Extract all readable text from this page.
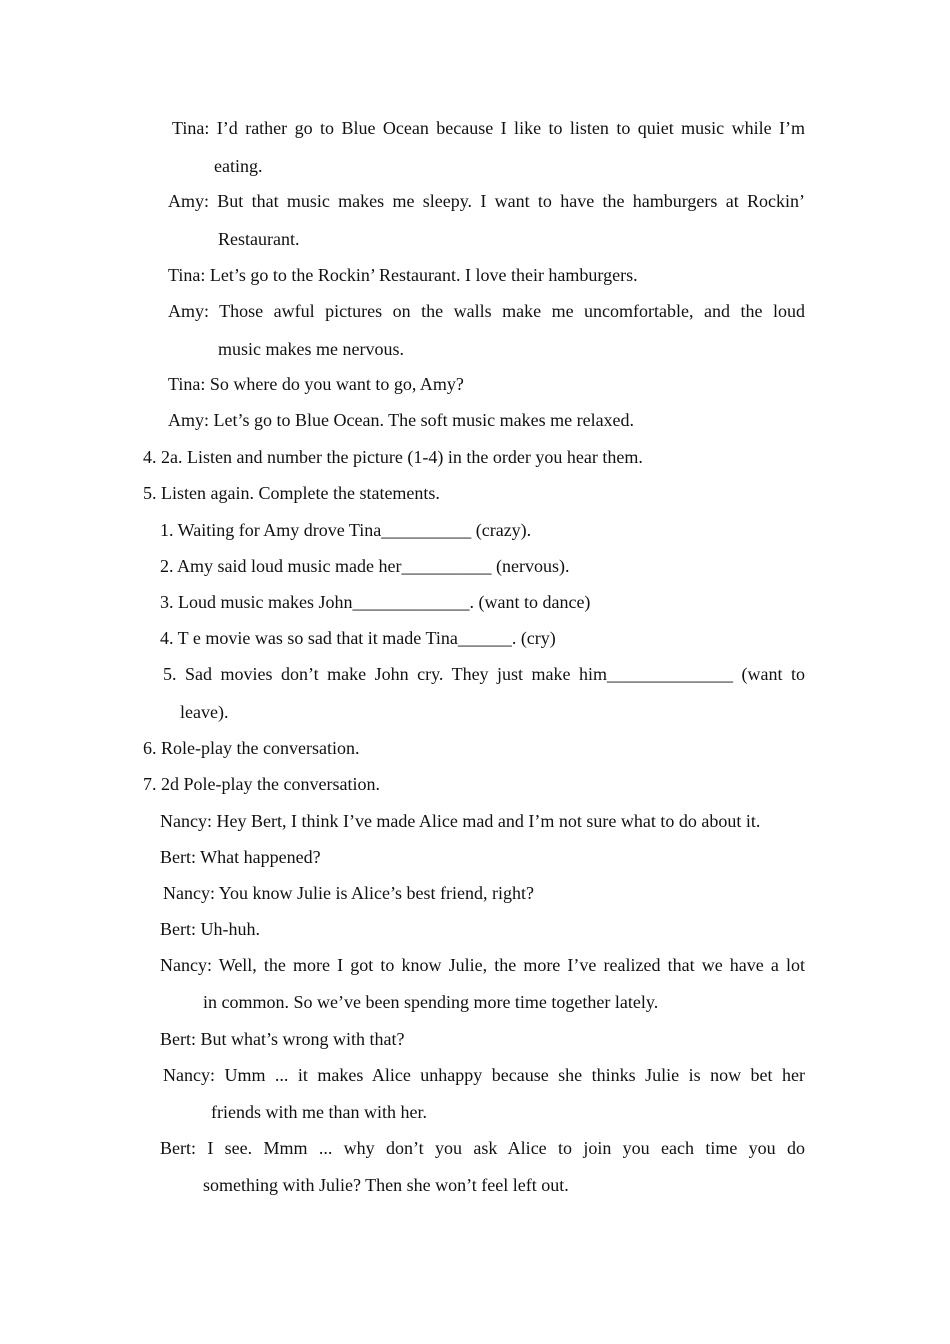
Tina: I’d rather go to Blue Ocean because I like to listen to quiet music while I’m

eating.

Amy: But that music makes me sleepy. I want to have the hamburgers at Rockin’

Restaurant.

Tina: Let’s go to the Rockin’ Restaurant. I love their hamburgers.

Amy: Those awful pictures on the walls make me uncomfortable, and the loud

music makes me nervous.

Tina: So where do you want to go, Amy?

Amy: Let’s go to Blue Ocean. The soft music makes me relaxed.

4. 2a. Listen and number the picture (1-4) in the order you hear them.

5. Listen again. Complete the statements.

1. Waiting for Amy drove Tina__________ (crazy).

2. Amy said loud music made her__________ (nervous).

3. Loud music makes John_____________. (want to dance)

4. T e movie was so sad that it made Tina______. (cry)

5. Sad movies don’t make John cry. They just make him______________ (want to

leave).

6. Role-play the conversation.

7. 2d Pole-play the conversation.

Nancy: Hey Bert, I think I’ve made Alice mad and I’m not sure what to do about it.

Bert: What happened?

Nancy: You know Julie is Alice’s best friend, right?

Bert: Uh-huh.

Nancy: Well, the more I got to know Julie, the more I’ve realized that we have a lot

in common. So we’ve been spending more time together lately.

Bert: But what’s wrong with that?

Nancy: Umm ... it makes Alice unhappy because she thinks Julie is now bet her

friends with me than with her.

Bert: I see. Mmm ... why don’t you ask Alice to join you each time you do

something with Julie? Then she won’t feel left out.
